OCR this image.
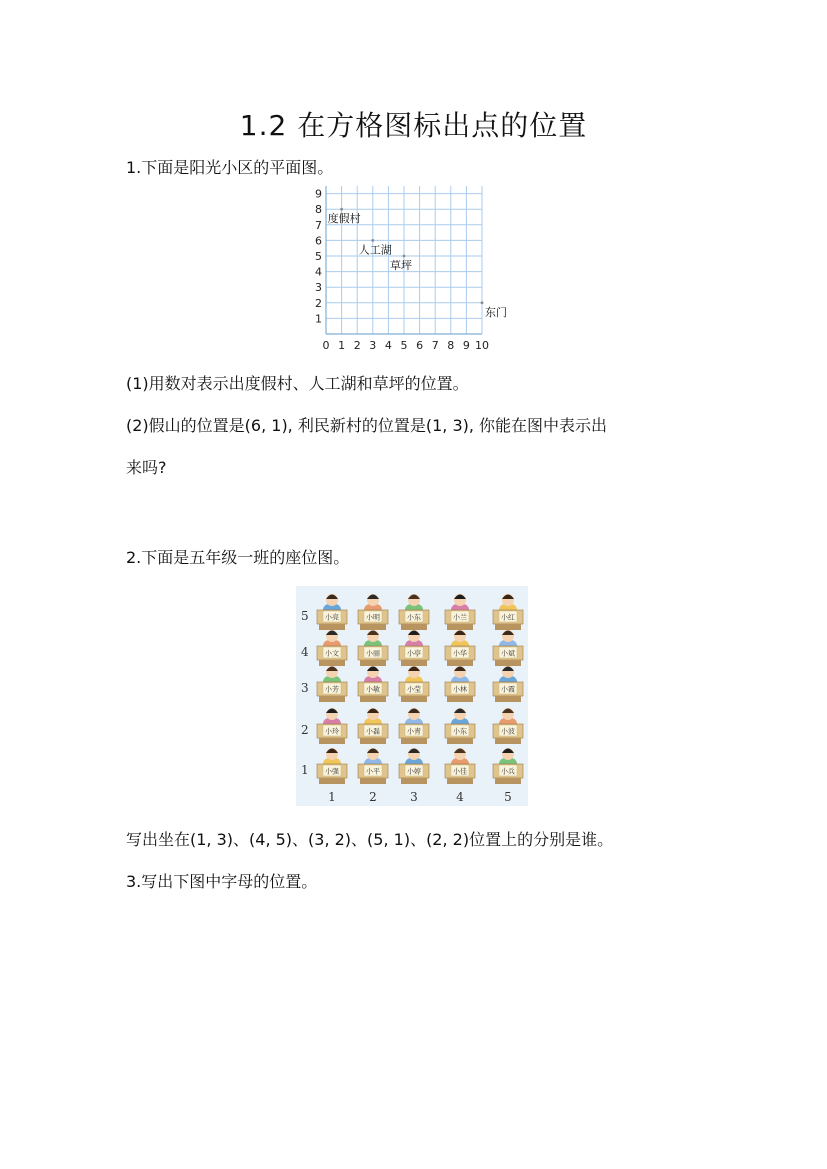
1.2 在方格图标出点的位置
1.下面是阳光小区的平面图。
0 1 2 3 4 5 6 7 8 9 10
1
2
3
4
5
6
7
8
9
度假村
人工湖
草坪
东门
(1)用数对表示出度假村、人工湖和草坪的位置。
(2)假山的位置是(6, 1), 利民新村的位置是(1, 3), 你能在图中表示出
来吗?
2.下面是五年级一班的座位图。
5
4
3
2
1
1	2	3	4	5
小亮	小明	小东	小兰	小红
小文	小丽	小亭	小华	小斌
小芳	小敏	小莹	小林	小霞
小玲	小磊	小青	小东	小波
小强	小平	小婷	小佳	小兵
写出坐在(1, 3)、(4, 5)、(3, 2)、(5, 1)、(2, 2)位置上的分别是谁。
3.写出下图中字母的位置。
